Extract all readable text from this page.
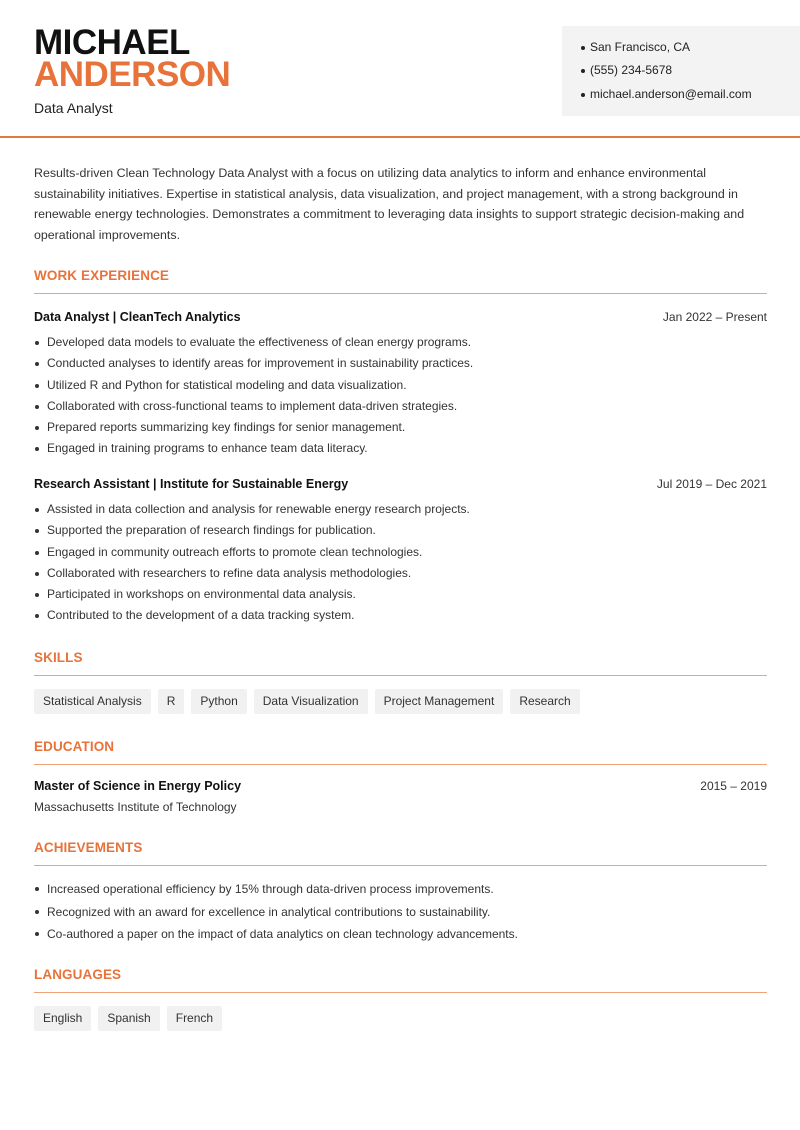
MICHAEL
ANDERSON
Data Analyst
San Francisco, CA
(555) 234-5678
michael.anderson@email.com
Results-driven Clean Technology Data Analyst with a focus on utilizing data analytics to inform and enhance environmental sustainability initiatives. Expertise in statistical analysis, data visualization, and project management, with a strong background in renewable energy technologies. Demonstrates a commitment to leveraging data insights to support strategic decision-making and operational improvements.
WORK EXPERIENCE
Data Analyst | CleanTech Analytics	Jan 2022 – Present
Developed data models to evaluate the effectiveness of clean energy programs.
Conducted analyses to identify areas for improvement in sustainability practices.
Utilized R and Python for statistical modeling and data visualization.
Collaborated with cross-functional teams to implement data-driven strategies.
Prepared reports summarizing key findings for senior management.
Engaged in training programs to enhance team data literacy.
Research Assistant | Institute for Sustainable Energy	Jul 2019 – Dec 2021
Assisted in data collection and analysis for renewable energy research projects.
Supported the preparation of research findings for publication.
Engaged in community outreach efforts to promote clean technologies.
Collaborated with researchers to refine data analysis methodologies.
Participated in workshops on environmental data analysis.
Contributed to the development of a data tracking system.
SKILLS
Statistical Analysis	R	Python	Data Visualization	Project Management	Research
EDUCATION
Master of Science in Energy Policy	2015 – 2019
Massachusetts Institute of Technology
ACHIEVEMENTS
Increased operational efficiency by 15% through data-driven process improvements.
Recognized with an award for excellence in analytical contributions to sustainability.
Co-authored a paper on the impact of data analytics on clean technology advancements.
LANGUAGES
English	Spanish	French
